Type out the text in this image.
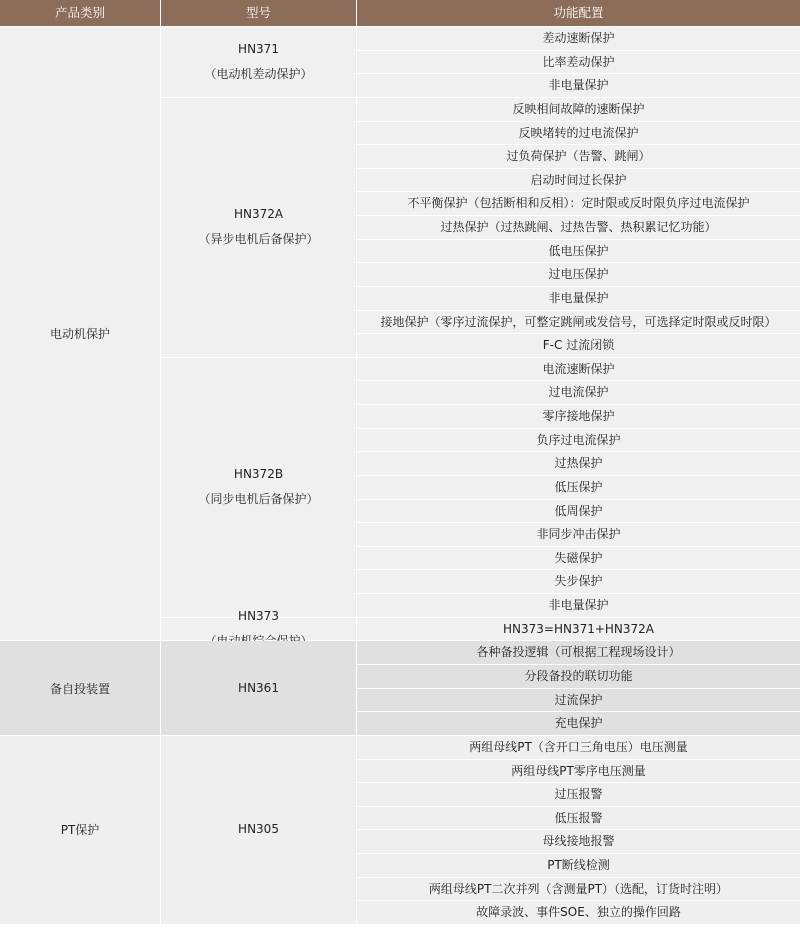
产品类别	型号	功能配置
差动速断保护
比率差动保护
非电量保护
HN371
（电动机差动保护）
反映相间故障的速断保护
反映堵转的过电流保护
过负荷保护（告警、跳闸）
启动时间过长保护
不平衡保护（包括断相和反相）：定时限或反时限负序过电流保护
过热保护（过热跳闸、过热告警、热积累记忆功能）
低电压保护
过电压保护
非电量保护
接地保护（零序过流保护，可整定跳闸或发信号，可选择定时限或反时限）
F-C 过流闭锁
HN372A
（异步电机后备保护）
电流速断保护
过电流保护
零序接地保护
负序过电流保护
过热保护
低压保护
低周保护
非同步冲击保护
失磁保护
失步保护
非电量保护
HN372B
（同步电机后备保护）
HN373=HN371+HN372A
HN373
电动机保护
各种备投逻辑（可根据工程现场设计）
分段备投的联切功能
过流保护
充电保护
HN361
备自投装置
两组母线PT（含开口三角电压）电压测量
两组母线PT零序电压测量
过压报警
低压报警
母线接地报警
PT断线检测
两组母线PT二次并列（含测量PT）（选配，订货时注明）
故障录波、事件SOE、独立的操作回路
HN305
PT保护
